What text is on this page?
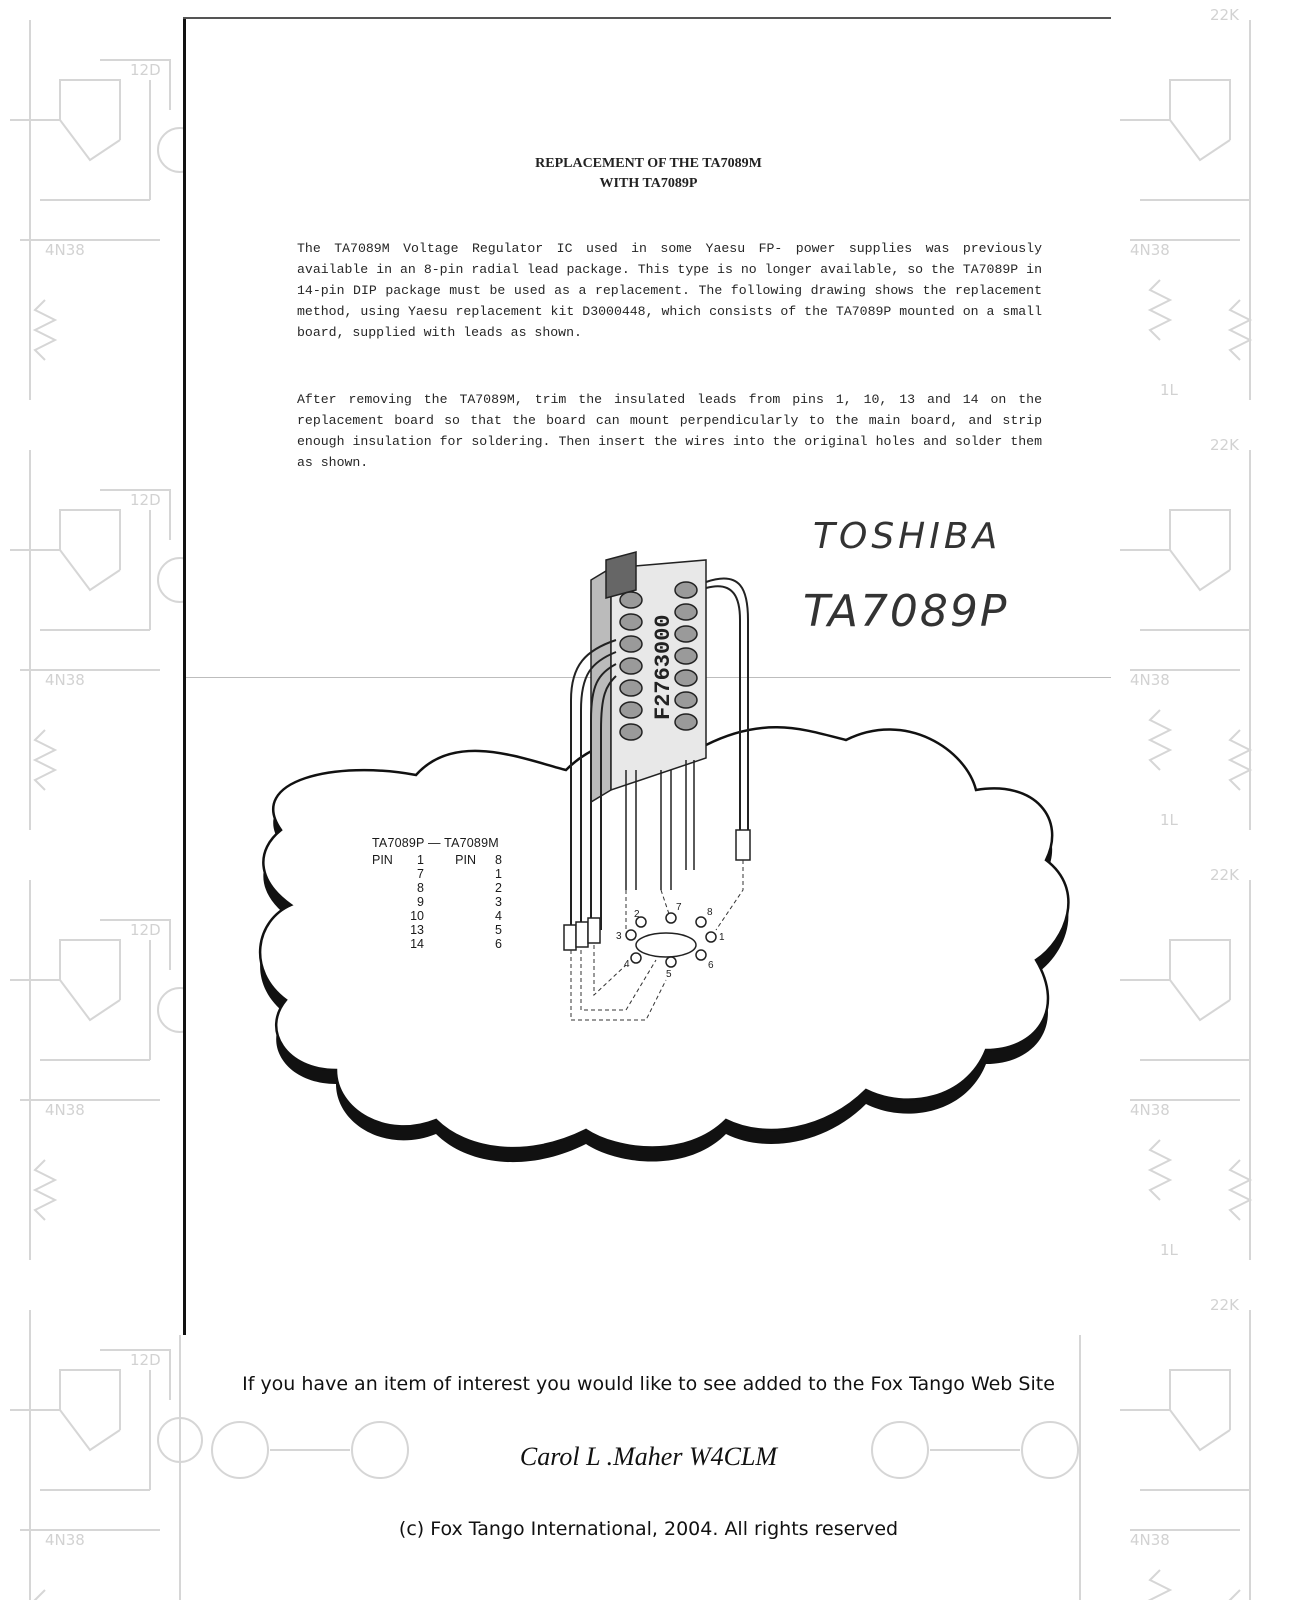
REPLACEMENT OF THE TA7089M
WITH TA7089P

The TA7089M Voltage Regulator IC used in some Yaesu FP- power supplies was previously available in an 8-pin radial lead package. This type is no longer available, so the TA7089P in 14-pin DIP package must be used as a replacement. The following drawing shows the replacement method, using Yaesu replacement kit D3000448, which consists of the TA7089P mounted on a small board, supplied with leads as shown.

After removing the TA7089M, trim the insulated leads from pins 1, 10, 13 and 14 on the replacement board so that the board can mount perpendicularly to the main board, and strip enough insulation for soldering. Then insert the wires into the original holes and solder them as shown.

F2763000
1
2
3
4
5
6
7	8
TOSHIBA
TA7089P
TA7089P — TA7089M
PIN	1	PIN	8
7	1
8	2
9	3
10	4
13	5
14	6
If you have an item of interest you would like to see added to the Fox Tango Web Site
Carol L .Maher W4CLM
(c) Fox Tango International, 2004. All rights reserved
